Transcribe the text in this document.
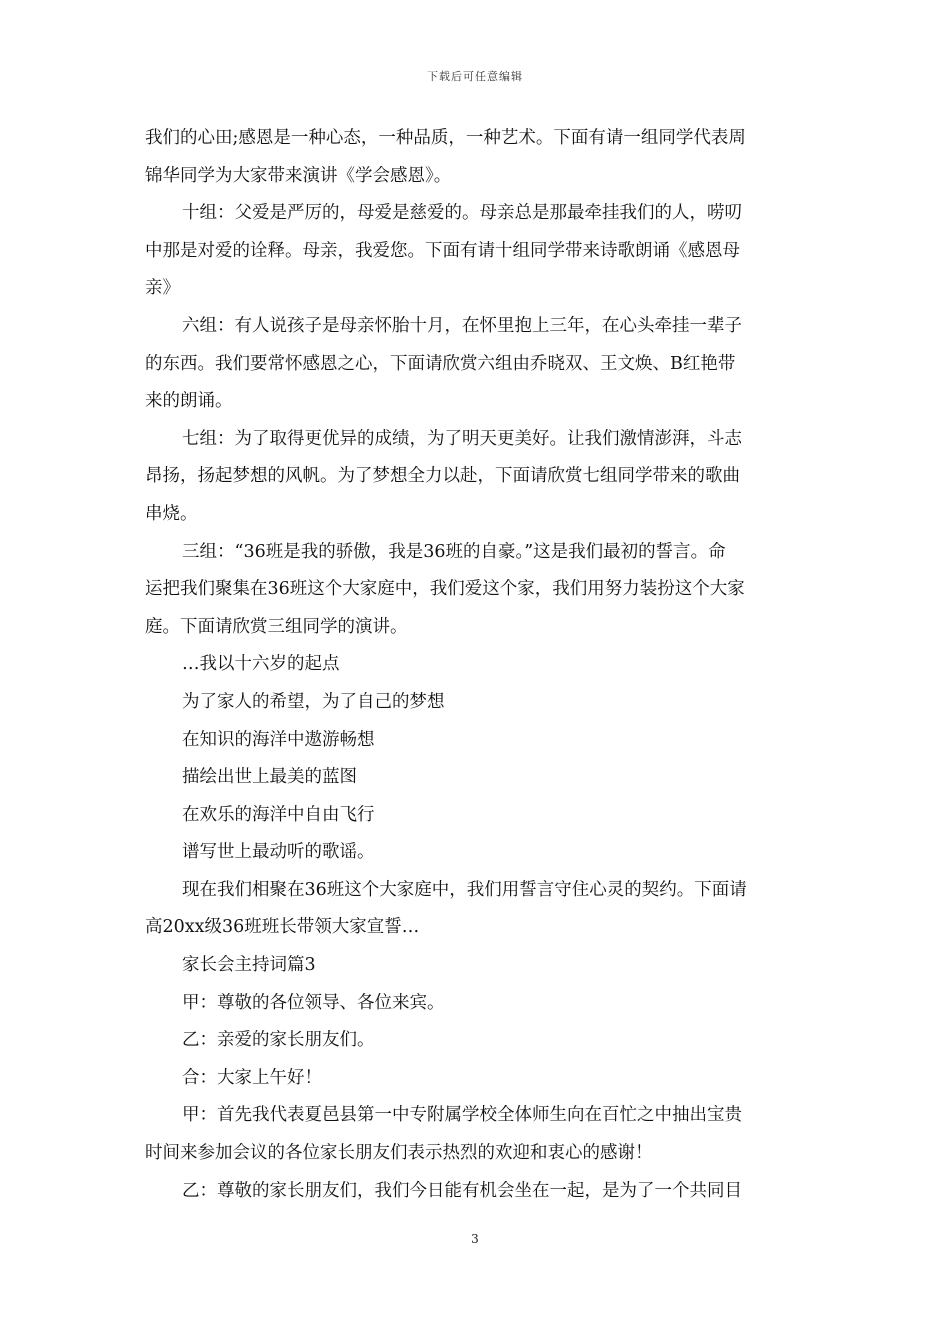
下载后可任意编辑
我们的心田;感恩是一种心态，一种品质，一种艺术。下面有请一组同学代表周
锦华同学为大家带来演讲《学会感恩》。
十组：父爱是严厉的，母爱是慈爱的。母亲总是那最牵挂我们的人，唠叨
中那是对爱的诠释。母亲，我爱您。下面有请十组同学带来诗歌朗诵《感恩母
亲》
六组：有人说孩子是母亲怀胎十月，在怀里抱上三年，在心头牵挂一辈子
的东西。我们要常怀感恩之心，下面请欣赏六组由乔晓双、王文焕、B红艳带
来的朗诵。
七组：为了取得更优异的成绩，为了明天更美好。让我们激情澎湃，斗志
昂扬，扬起梦想的风帆。为了梦想全力以赴，下面请欣赏七组同学带来的歌曲
串烧。
三组：“36班是我的骄傲，我是36班的自豪。”这是我们最初的誓言。命
运把我们聚集在36班这个大家庭中，我们爱这个家，我们用努力装扮这个大家
庭。下面请欣赏三组同学的演讲。
…我以十六岁的起点
为了家人的希望，为了自己的梦想
在知识的海洋中遨游畅想
描绘出世上最美的蓝图
在欢乐的海洋中自由飞行
谱写世上最动听的歌谣。
现在我们相聚在36班这个大家庭中，我们用誓言守住心灵的契约。下面请
高20xx级36班班长带领大家宣誓…
家长会主持词篇3
甲：尊敬的各位领导、各位来宾。
乙：亲爱的家长朋友们。
合：大家上午好！
甲：首先我代表夏邑县第一中专附属学校全体师生向在百忙之中抽出宝贵
时间来参加会议的各位家长朋友们表示热烈的欢迎和衷心的感谢！
乙：尊敬的家长朋友们，我们今日能有机会坐在一起，是为了一个共同目
3
